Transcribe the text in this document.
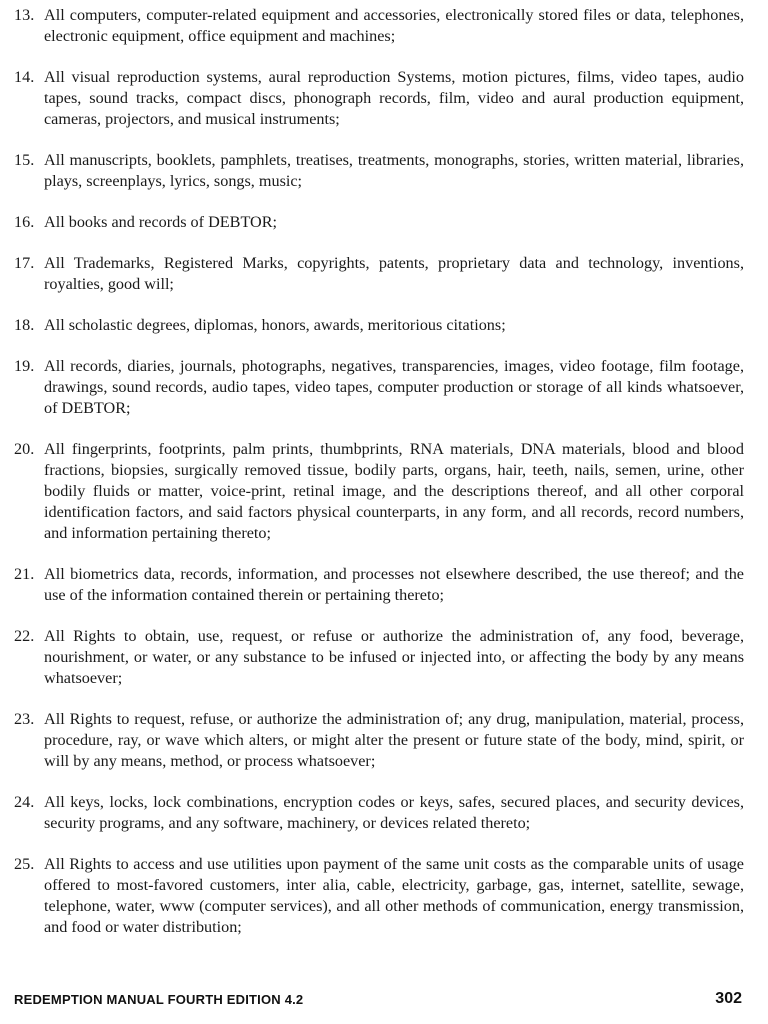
13. All computers, computer-related equipment and accessories, electronically stored files or data, telephones, electronic equipment, office equipment and machines;
14. All visual reproduction systems, aural reproduction Systems, motion pictures, films, video tapes, audio tapes, sound tracks, compact discs, phonograph records, film, video and aural production equipment, cameras, projectors, and musical instruments;
15. All manuscripts, booklets, pamphlets, treatises, treatments, monographs, stories, written material, libraries, plays, screenplays, lyrics, songs, music;
16. All books and records of DEBTOR;
17. All Trademarks, Registered Marks, copyrights, patents, proprietary data and technology, inventions, royalties, good will;
18. All scholastic degrees, diplomas, honors, awards, meritorious citations;
19. All records, diaries, journals, photographs, negatives, transparencies, images, video footage, film footage, drawings, sound records, audio tapes, video tapes, computer production or storage of all kinds whatsoever, of DEBTOR;
20. All fingerprints, footprints, palm prints, thumbprints, RNA materials, DNA materials, blood and blood fractions, biopsies, surgically removed tissue, bodily parts, organs, hair, teeth, nails, semen, urine, other bodily fluids or matter, voice-print, retinal image, and the descriptions thereof, and all other corporal identification factors, and said factors physical counterparts, in any form, and all records, record numbers, and information pertaining thereto;
21. All biometrics data, records, information, and processes not elsewhere described, the use thereof; and the use of the information contained therein or pertaining thereto;
22. All Rights to obtain, use, request, or refuse or authorize the administration of, any food, beverage, nourishment, or water, or any substance to be infused or injected into, or affecting the body by any means whatsoever;
23. All Rights to request, refuse, or authorize the administration of; any drug, manipulation, material, process, procedure, ray, or wave which alters, or might alter the present or future state of the body, mind, spirit, or will by any means, method, or process whatsoever;
24. All keys, locks, lock combinations, encryption codes or keys, safes, secured places, and security devices, security programs, and any software, machinery, or devices related thereto;
25. All Rights to access and use utilities upon payment of the same unit costs as the comparable units of usage offered to most-favored customers, inter alia, cable, electricity, garbage, gas, internet, satellite, sewage, telephone, water, www (computer services), and all other methods of communication, energy transmission, and food or water distribution;
REDEMPTION MANUAL FOURTH EDITION 4.2	302
